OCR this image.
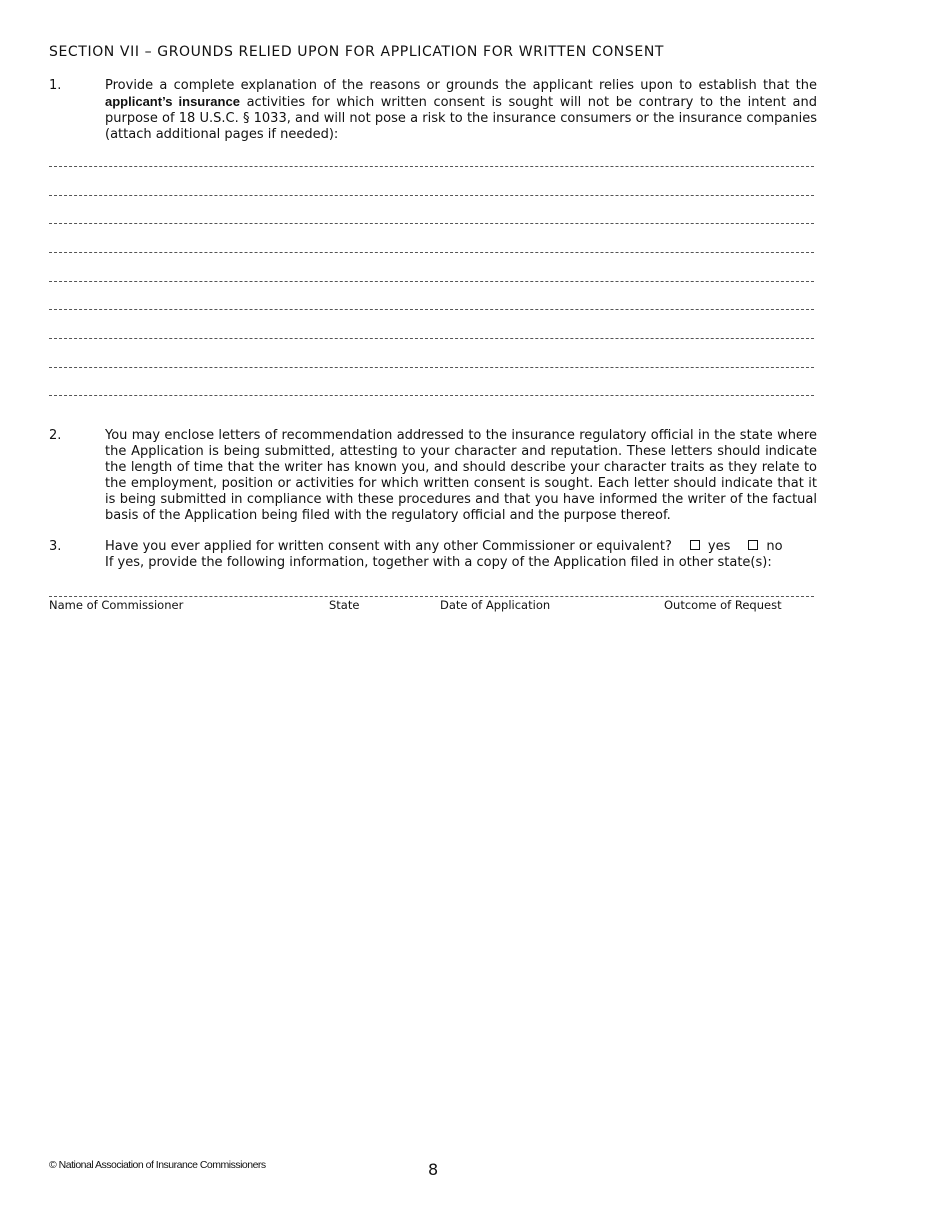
SECTION VII – GROUNDS RELIED UPON FOR APPLICATION FOR WRITTEN CONSENT
1.	Provide a complete explanation of the reasons or grounds the applicant relies upon to establish that the applicant’s insurance activities for which written consent is sought will not be contrary to the intent and purpose of 18 U.S.C. § 1033, and will not pose a risk to the insurance consumers or the insurance companies (attach additional pages if needed):

2.	You may enclose letters of recommendation addressed to the insurance regulatory official in the state where the Application is being submitted, attesting to your character and reputation. These letters should indicate the length of time that the writer has known you, and should describe your character traits as they relate to the employment, position or activities for which written consent is sought. Each letter should indicate that it is being submitted in compliance with these procedures and that you have informed the writer of the factual basis of the Application being filed with the regulatory official and the purpose thereof.

3.	Have you ever applied for written consent with any other Commissioner or equivalent?	yes	no
If yes, provide the following information, together with a copy of the Application filed in other state(s):
Name of Commissioner	State	Date of Application	Outcome of Request
© National Association of Insurance Commissioners	8
